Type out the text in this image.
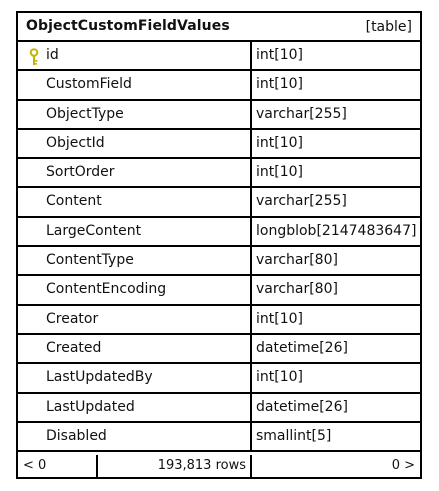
ObjectCustomFieldValues	[table]
id	int[10]
CustomField	int[10]
ObjectType	varchar[255]
ObjectId	int[10]
SortOrder	int[10]
Content	varchar[255]
LargeContent	longblob[2147483647]
ContentType	varchar[80]
ContentEncoding	varchar[80]
Creator	int[10]
Created	datetime[26]
LastUpdatedBy	int[10]
LastUpdated	datetime[26]
Disabled	smallint[5]
< 0	193,813 rows	0 >
